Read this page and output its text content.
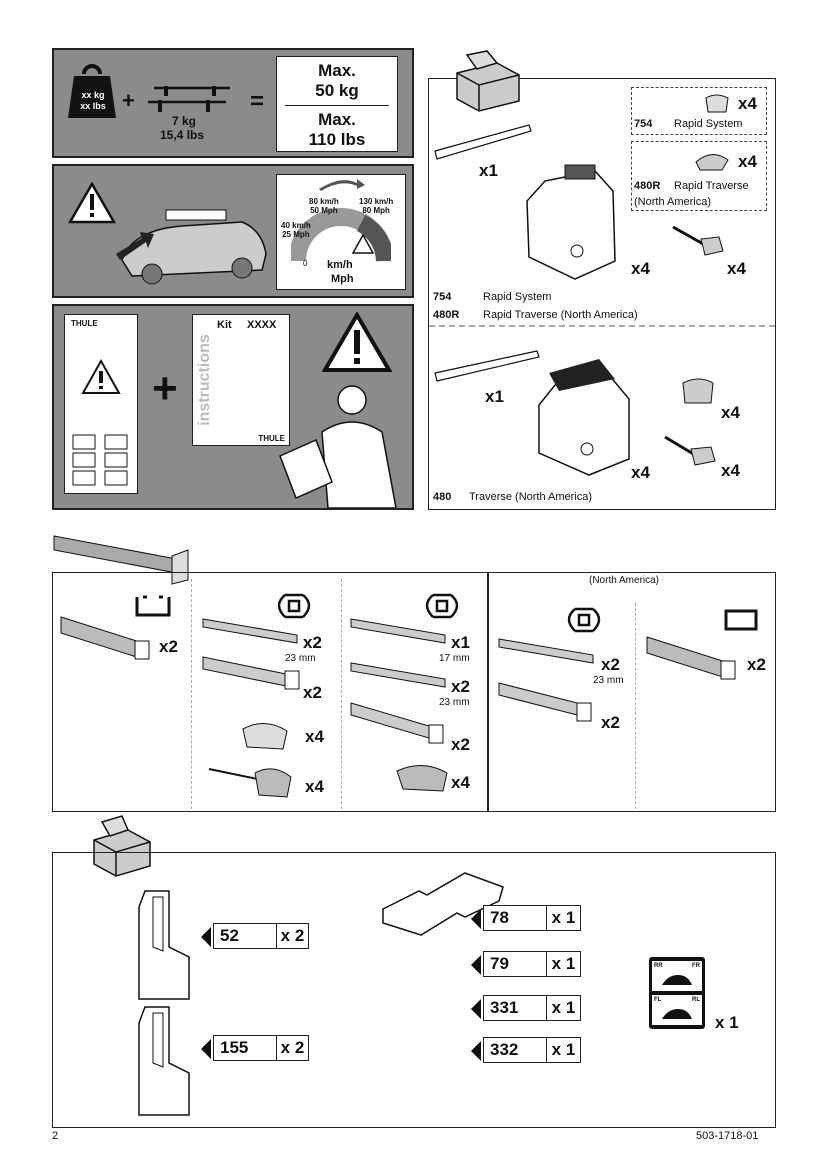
xx kg
xx lbs +
7 kg
15,4 lbs
=
Max.
50 kg
Max.
110 lbs
80 km/h
50 Mph
130 km/h
80 Mph
40 km/h
25 Mph
0 km/h
Mph
THULE
+
Kit XXXX
instructions
THULE
x1
754 Rapid System
x4
480R Rapid Traverse
(North America)
x4
x4	x4
754	Rapid System
480R Rapid Traverse (North America)
x1
x4
x4	x4
480 Traverse (North America)
x2	x2
23 mm
x2
x4
x4
x1
17 mm
x2
23 mm
x2
x4
(North America)
x2
23 mm
x2
x2
52	x 2
155	x 2
78	x 1
79	x 1
331	x 1
332	x 1
RR	FR
FL	RL
x 1
2	503-1718-01
